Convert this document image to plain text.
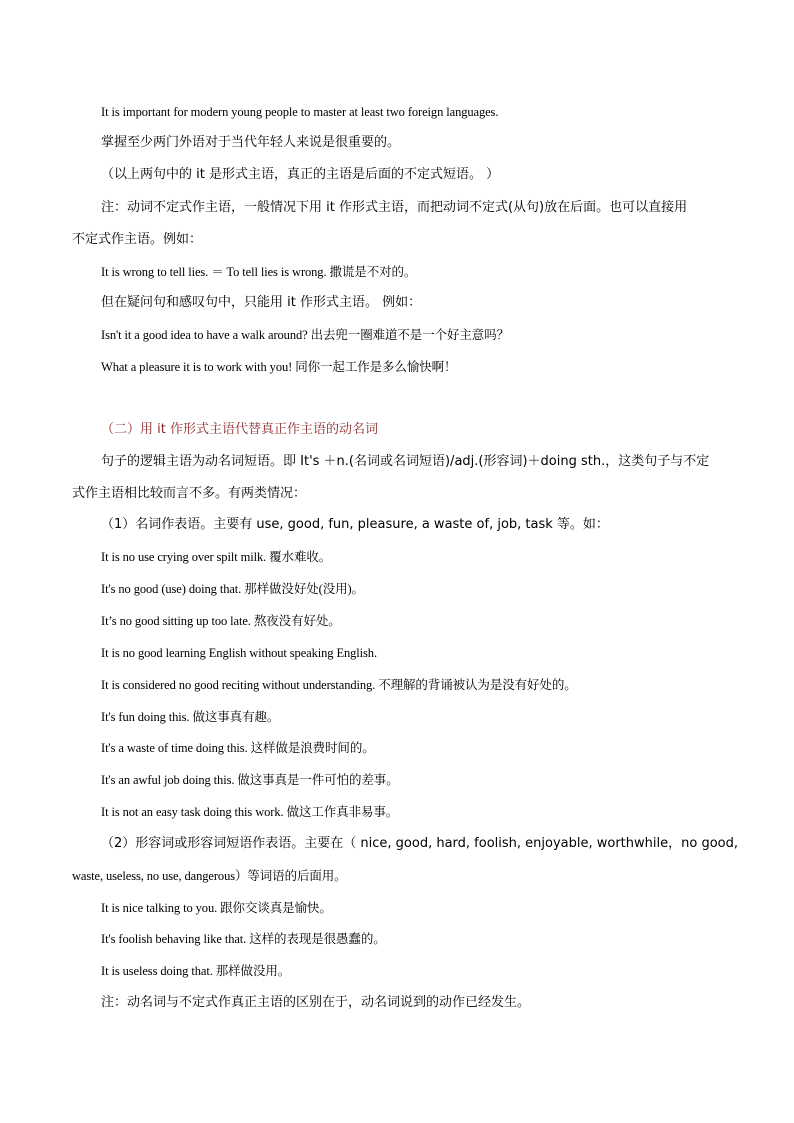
It is important for modern young people to master at least two foreign languages.
掌握至少两门外语对于当代年轻人来说是很重要的。
（以上两句中的 it 是形式主语，真正的主语是后面的不定式短语。 ）
注：动词不定式作主语，一般情况下用 it 作形式主语，而把动词不定式(从句)放在后面。也可以直接用
不定式作主语。例如：
It is wrong to tell lies. ＝ To tell lies is wrong. 撒谎是不对的。
但在疑问句和感叹句中，只能用 it 作形式主语。 例如：
Isn't it a good idea to have a walk around? 出去兜一圈难道不是一个好主意吗？
What a pleasure it is to work with you! 同你一起工作是多么愉快啊！
（二）用 it 作形式主语代替真正作主语的动名词
句子的逻辑主语为动名词短语。即 It's ＋n.(名词或名词短语)/adj.(形容词)＋doing sth.，这类句子与不定
式作主语相比较而言不多。有两类情况：
（1）名词作表语。主要有 use, good, fun, pleasure, a waste of, job, task 等。如：
It is no use crying over spilt milk. 覆水难收。
It's no good (use) doing that. 那样做没好处(没用)。
It’s no good sitting up too late. 熬夜没有好处。
It is no good learning English without speaking English.
It is considered no good reciting without understanding. 不理解的背诵被认为是没有好处的。
It's fun doing this. 做这事真有趣。
It's a waste of time doing this. 这样做是浪费时间的。
It's an awful job doing this. 做这事真是一件可怕的差事。
It is not an easy task doing this work. 做这工作真非易事。
（2）形容词或形容词短语作表语。主要在（ nice, good, hard, foolish, enjoyable, worthwhile，no good,
waste, useless, no use, dangerous）等词语的后面用。
It is nice talking to you. 跟你交谈真是愉快。
It's foolish behaving like that. 这样的表现是很愚蠢的。
It is useless doing that. 那样做没用。
注：动名词与不定式作真正主语的区别在于，动名词说到的动作已经发生。
